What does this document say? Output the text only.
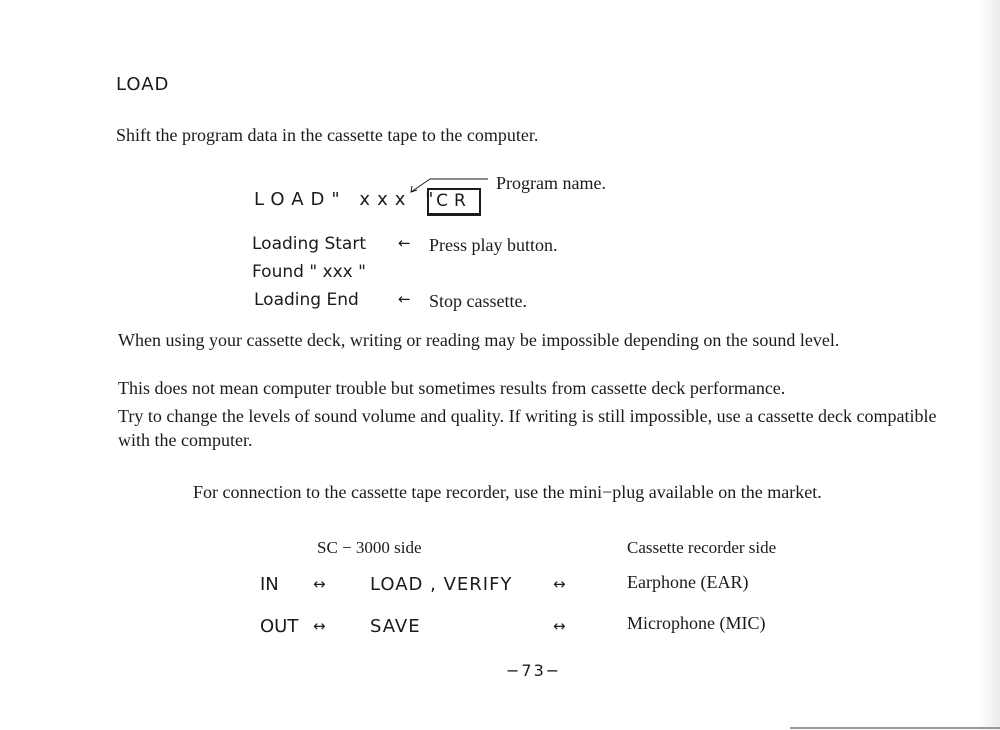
LOAD
Shift the program data in the cassette tape to the computer.
LOAD" xxx "
CR
Program name.
Loading Start ← Press play button.
Found " xxx "
Loading End	← Stop cassette.
When using your cassette deck, writing or reading may be impossible depending on the sound level.
This does not mean computer trouble but sometimes results from cassette deck performance.
Try to change the levels of sound volume and quality. If writing is still impossible, use a cassette deck compatible with the computer.
For connection to the cassette tape recorder, use the mini−plug available on the market.
SC − 3000 side	Cassette recorder side
IN ↔ LOAD , VERIFY	↔	Earphone (EAR)
OUT ↔ SAVE	↔	Microphone (MIC)
−73−
